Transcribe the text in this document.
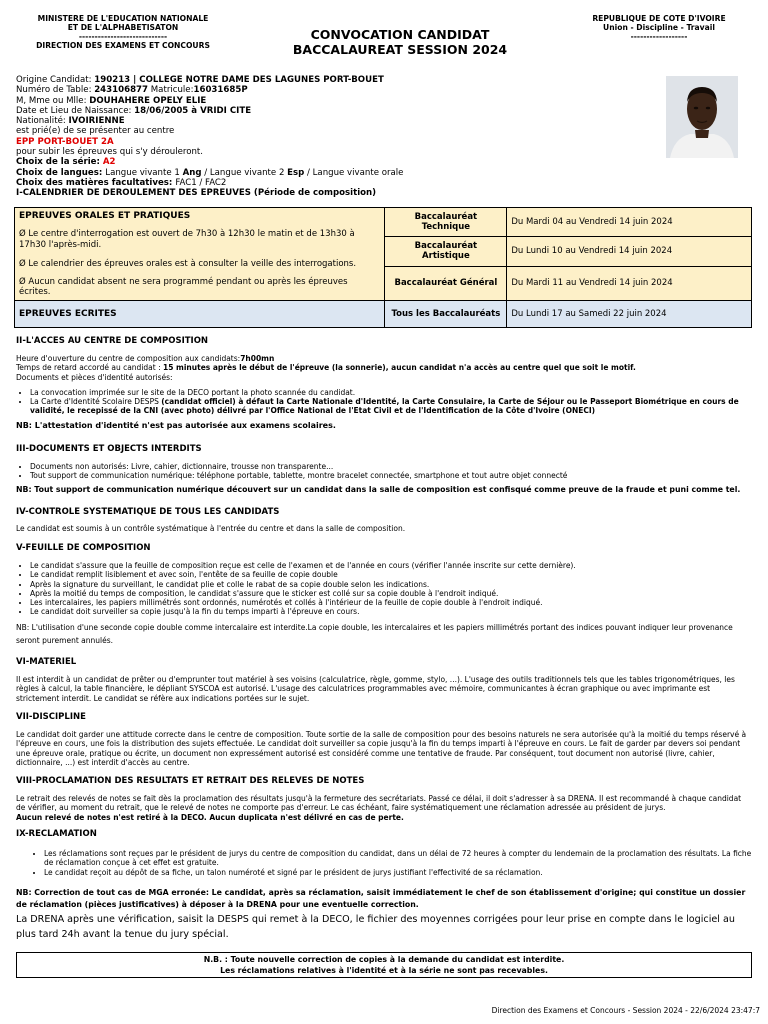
MINISTERE DE L'EDUCATION NATIONALE
ET DE L'ALPHABETISATON
----------------------------
DIRECTION DES EXAMENS ET CONCOURS
CONVOCATION CANDIDAT
BACCALAUREAT SESSION 2024
REPUBLIQUE DE COTE D'IVOIRE
Union - Discipline - Travail
------------------
Origine Candidat: 190213 | COLLEGE NOTRE DAME DES LAGUNES PORT-BOUET
Numéro de Table: 243106877 Matricule:16031685P
M, Mme ou Mlle: DOUHAHERE OPELY ELIE
Date et Lieu de Naissance: 18/06/2005 à VRIDI CITE
Nationalité: IVOIRIENNE
est prié(e) de se présenter au centre
EPP PORT-BOUET 2A
pour subir les épreuves qui s'y dérouleront.
Choix de la série: A2
Choix de langues: Langue vivante 1 Ang / Langue vivante 2 Esp / Langue vivante orale
Choix des matières facultatives: FAC1 / FAC2
I-CALENDRIER DE DEROULEMENT DES EPREUVES (Période de composition)
EPREUVES ORALES ET PRATIQUES
Ø Le centre d'interrogation est ouvert de 7h30 à 12h30 le matin et de 13h30 à 17h30 l'après-midi.
Ø Le calendrier des épreuves orales est à consulter la veille des interrogations.
Ø Aucun candidat absent ne sera programmé pendant ou après les épreuves écrites.	Baccalauréat Technique	Du Mardi 04 au Vendredi 14 juin 2024
	Baccalauréat Artistique	Du Lundi 10 au Vendredi 14 juin 2024
	Baccalauréat Général	Du Mardi 11 au Vendredi 14 juin 2024
EPREUVES ECRITES	Tous les Baccalauréats	Du Lundi 17 au Samedi 22 juin 2024
II-L'ACCES AU CENTRE DE COMPOSITION
Heure d'ouverture du centre de composition aux candidats:7h00mn
Temps de retard accordé au candidat : 15 minutes après le début de l'épreuve (la sonnerie), aucun candidat n'a accès au centre quel que soit le motif.
Documents et pièces d'identité autorisés:
• La convocation imprimée sur le site de la DECO portant la photo scannée du candidat.
• La Carte d'Identité Scolaire DESPS (candidat officiel) à défaut la Carte Nationale d'Identité, la Carte Consulaire, la Carte de Séjour ou le Passeport Biométrique en cours de validité, le recepissé de la CNI (avec photo) délivré par l'Office National de l'Etat Civil et de l'Identification de la Côte d'Ivoire (ONECI)
NB: L'attestation d'identité n'est pas autorisée aux examens scolaires.
III-DOCUMENTS ET OBJECTS INTERDITS
• Documents non autorisés: Livre, cahier, dictionnaire, trousse non transparente...
• Tout support de communication numérique: téléphone portable, tablette, montre bracelet connectée, smartphone et tout autre objet connecté
NB: Tout support de communication numérique découvert sur un candidat dans la salle de composition est confisqué comme preuve de la fraude et puni comme tel.
IV-CONTROLE SYSTEMATIQUE DE TOUS LES CANDIDATS
Le candidat est soumis à un contrôle systématique à l'entrée du centre et dans la salle de composition.
V-FEUILLE DE COMPOSITION
• Le candidat s'assure que la feuille de composition reçue est celle de l'examen et de l'année en cours (vérifier l'année inscrite sur cette dernière).
• Le candidat remplit lisiblement et avec soin, l'entête de sa feuille de copie double
• Après la signature du surveillant, le candidat plie et colle le rabat de sa copie double selon les indications.
• Après la moitié du temps de composition, le candidat s'assure que le sticker est collé sur sa copie double à l'endroit indiqué.
• Les intercalaires, les papiers millimétrés sont ordonnés, numérotés et collés à l'intérieur de la feuille de copie double à l'endroit indiqué.
• Le candidat doit surveiller sa copie jusqu'à la fin du temps imparti à l'épreuve en cours.
NB: L'utilisation d'une seconde copie double comme intercalaire est interdite.La copie double, les intercalaires et les papiers millimétrés portant des indices pouvant indiquer leur provenance seront purement annulés.
VI-MATERIEL
Il est interdit à un candidat de prêter ou d'emprunter tout matériel à ses voisins (calculatrice, règle, gomme, stylo, ...). L'usage des outils traditionnels tels que les tables trigonométriques, les règles à calcul, la table financière, le dépliant SYSCOA est autorisé. L'usage des calculatrices programmables avec mémoire, communicantes à écran graphique ou avec imprimante est strictement interdit. Le candidat se réfère aux indications portées sur le sujet.
VII-DISCIPLINE
Le candidat doit garder une attitude correcte dans le centre de composition. Toute sortie de la salle de composition pour des besoins naturels ne sera autorisée qu'à la moitié du temps réservé à l'épreuve en cours, une fois la distribution des sujets effectuée. Le candidat doit surveiller sa copie jusqu'à la fin du temps imparti à l'épreuve en cours. Le fait de garder par devers soi pendant une épreuve orale, pratique ou écrite, un document non expressément autorisé est considéré comme une tentative de fraude. Par conséquent, tout document non autorisé (livre, cahier, dictionnaire, ...) est interdit d'accès au centre.
VIII-PROCLAMATION DES RESULTATS ET RETRAIT DES RELEVES DE NOTES
Le retrait des relevés de notes se fait dès la proclamation des résultats jusqu'à la fermeture des secrétariats. Passé ce délai, il doit s'adresser à sa DRENA. Il est recommandé à chaque candidat de vérifier, au moment du retrait, que le relevé de notes ne comporte pas d'erreur. Le cas échéant, faire systématiquement une réclamation adressée au président de jurys.
Aucun relevé de notes n'est retiré à la DECO. Aucun duplicata n'est délivré en cas de perte.
IX-RECLAMATION
• Les réclamations sont reçues par le président de jurys du centre de composition du candidat, dans un délai de 72 heures à compter du lendemain de la proclamation des résultats. La fiche de réclamation conçue à cet effet est gratuite.
• Le candidat reçoit au dépôt de sa fiche, un talon numéroté et signé par le président de jurys justifiant l'effectivité de sa réclamation.
NB: Correction de tout cas de MGA erronée: Le candidat, après sa réclamation, saisit immédiatement le chef de son établissement d'origine; qui constitue un dossier de réclamation (pièces justificatives) à déposer à la DRENA pour une eventuelle correction.
La DRENA après une vérification, saisit la DESPS qui remet à la DECO, le fichier des moyennes corrigées pour leur prise en compte dans le logiciel au plus tard 24h avant la tenue du jury spécial.
N.B. : Toute nouvelle correction de copies à la demande du candidat est interdite.
Les réclamations relatives à l'identité et à la série ne sont pas recevables.
Direction des Examens et Concours - Session 2024 - 22/6/2024 23:47:7
